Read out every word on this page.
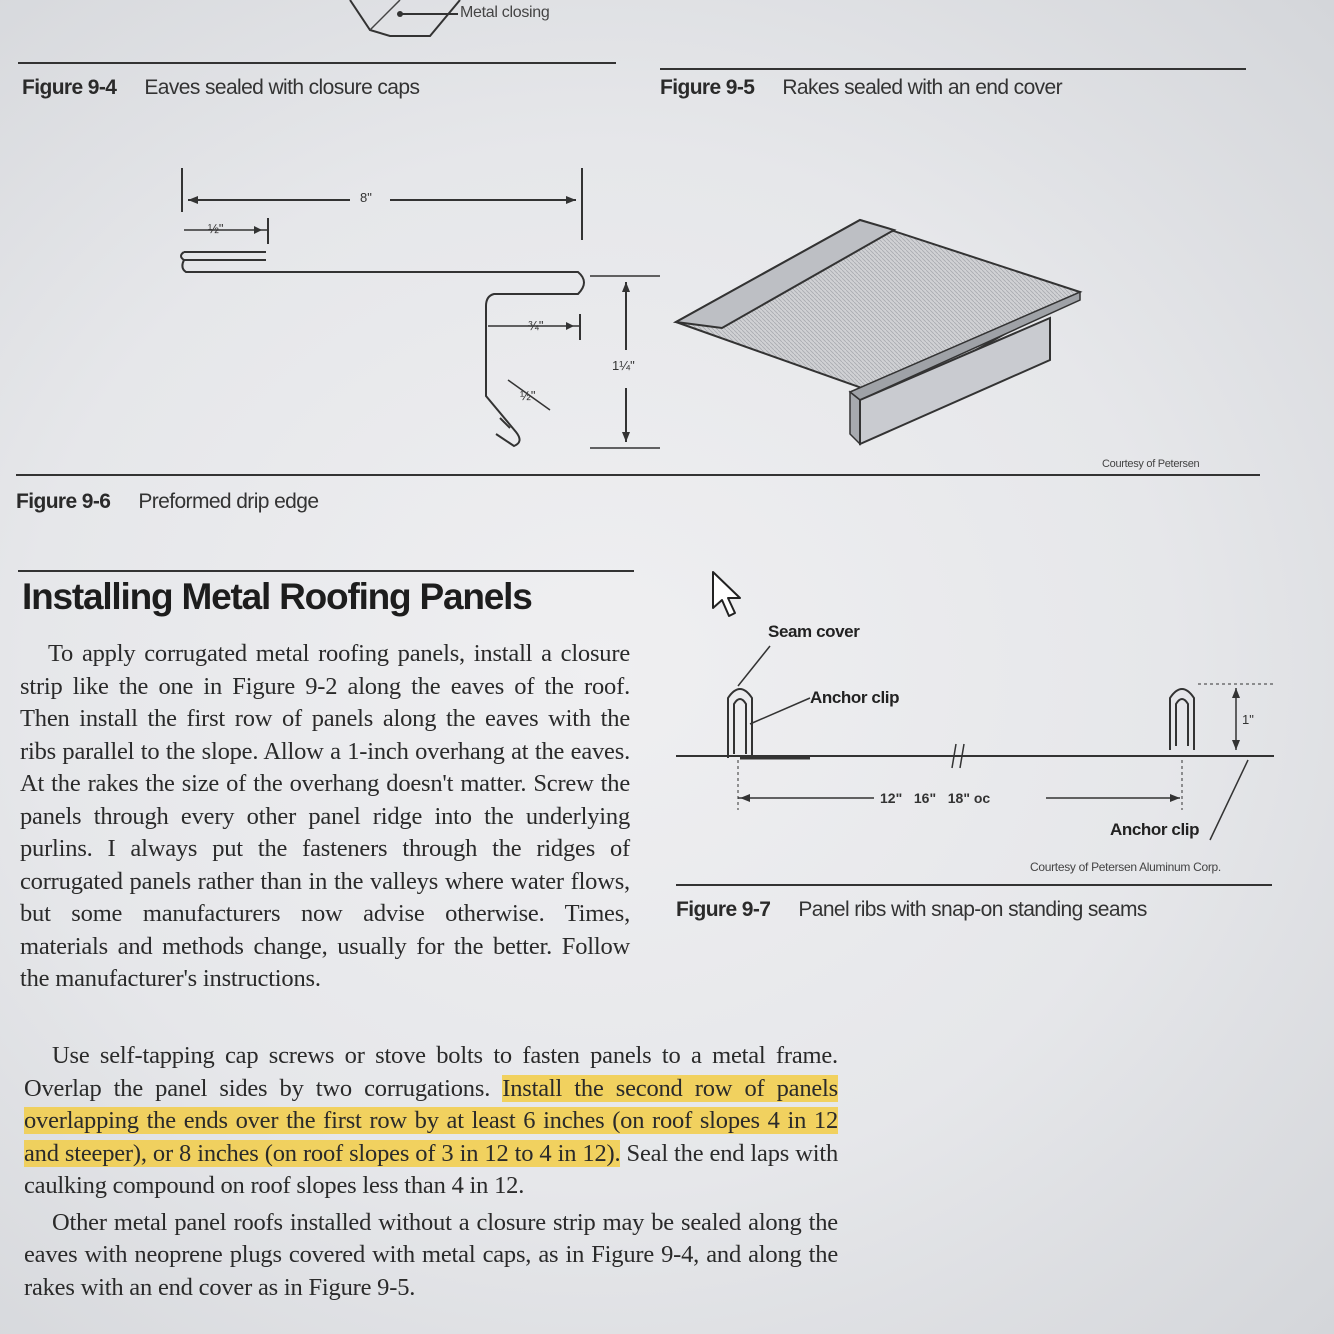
Metal closing
Figure 9-4 Eaves sealed with closure caps	Figure 9-5 Rakes sealed with an end cover
8"
½"
¾"
1¼"
½"
Courtesy of Petersen
Figure 9-6 Preformed drip edge
Installing Metal Roofing Panels
Seam cover
Anchor clip
Anchor clip
12"   16"   18" oc
1"
Courtesy of Petersen Aluminum Corp.
Figure 9-7 Panel ribs with snap-on standing seams

To apply corrugated metal roofing panels, install a closure strip like the one in Figure 9-2 along the eaves of the roof. Then install the first row of panels along the eaves with the ribs parallel to the slope. Allow a 1-inch overhang at the eaves. At the rakes the size of the overhang doesn't matter. Screw the panels through every other panel ridge into the underlying purlins. I always put the fasteners through the ridges of corrugated panels rather than in the valleys where water flows, but some manufacturers now advise otherwise. Times, materials and methods change, usually for the better. Follow the manufacturer's instructions.

Use self-tapping cap screws or stove bolts to fasten panels to a metal frame. Overlap the panel sides by two corrugations. Install the second row of panels overlapping the ends over the first row by at least 6 inches (on roof slopes 4 in 12 and steeper), or 8 inches (on roof slopes of 3 in 12 to 4 in 12). Seal the end laps with caulking compound on roof slopes less than 4 in 12.

Other metal panel roofs installed without a closure strip may be sealed along the eaves with neoprene plugs covered with metal caps, as in Figure 9-4, and along the rakes with an end cover as in Figure 9-5.
